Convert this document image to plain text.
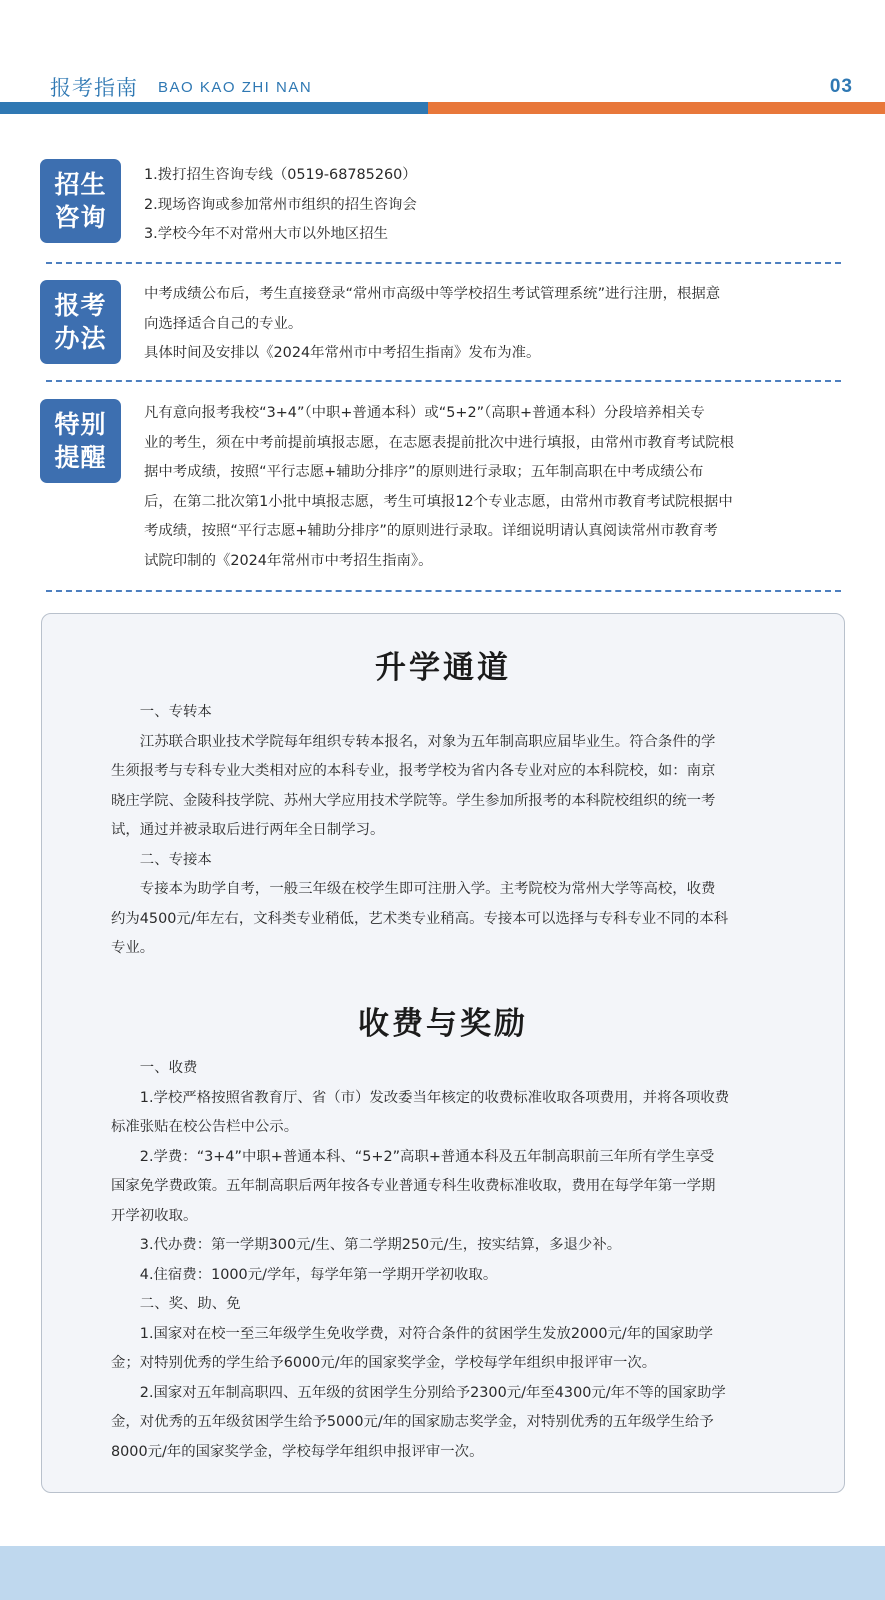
报考指南 BAO KAO ZHI NAN	03
招生
咨询

1.拨打招生咨询专线（0519-68785260）

2.现场咨询或参加常州市组织的招生咨询会

3.学校今年不对常州大市以外地区招生

报考
办法

中考成绩公布后，考生直接登录“常州市高级中等学校招生考试管理系统”进行注册，根据意

向选择适合自己的专业。

具体时间及安排以《2024年常州市中考招生指南》发布为准。

特别
提醒

凡有意向报考我校“3+4”（中职+普通本科）或“5+2”（高职+普通本科）分段培养相关专

业的考生，须在中考前提前填报志愿，在志愿表提前批次中进行填报，由常州市教育考试院根

据中考成绩，按照“平行志愿+辅助分排序”的原则进行录取；五年制高职在中考成绩公布

后，在第二批次第1小批中填报志愿，考生可填报12个专业志愿，由常州市教育考试院根据中

考成绩，按照“平行志愿+辅助分排序”的原则进行录取。详细说明请认真阅读常州市教育考

试院印制的《2024年常州市中考招生指南》。

升学通道

一、专转本

江苏联合职业技术学院每年组织专转本报名，对象为五年制高职应届毕业生。符合条件的学

生须报考与专科专业大类相对应的本科专业，报考学校为省内各专业对应的本科院校，如：南京

晓庄学院、金陵科技学院、苏州大学应用技术学院等。学生参加所报考的本科院校组织的统一考

试，通过并被录取后进行两年全日制学习。

二、专接本

专接本为助学自考，一般三年级在校学生即可注册入学。主考院校为常州大学等高校，收费

约为4500元/年左右，文科类专业稍低，艺术类专业稍高。专接本可以选择与专科专业不同的本科

专业。

收费与奖励

一、收费

1.学校严格按照省教育厅、省（市）发改委当年核定的收费标准收取各项费用，并将各项收费

标准张贴在校公告栏中公示。

2.学费：“3+4”中职+普通本科、“5+2”高职+普通本科及五年制高职前三年所有学生享受

国家免学费政策。五年制高职后两年按各专业普通专科生收费标准收取，费用在每学年第一学期

开学初收取。

3.代办费：第一学期300元/生、第二学期250元/生，按实结算，多退少补。

4.住宿费：1000元/学年，每学年第一学期开学初收取。

二、奖、助、免

1.国家对在校一至三年级学生免收学费，对符合条件的贫困学生发放2000元/年的国家助学

金；对特别优秀的学生给予6000元/年的国家奖学金，学校每学年组织申报评审一次。

2.国家对五年制高职四、五年级的贫困学生分别给予2300元/年至4300元/年不等的国家助学

金，对优秀的五年级贫困学生给予5000元/年的国家励志奖学金，对特别优秀的五年级学生给予

8000元/年的国家奖学金，学校每学年组织申报评审一次。
